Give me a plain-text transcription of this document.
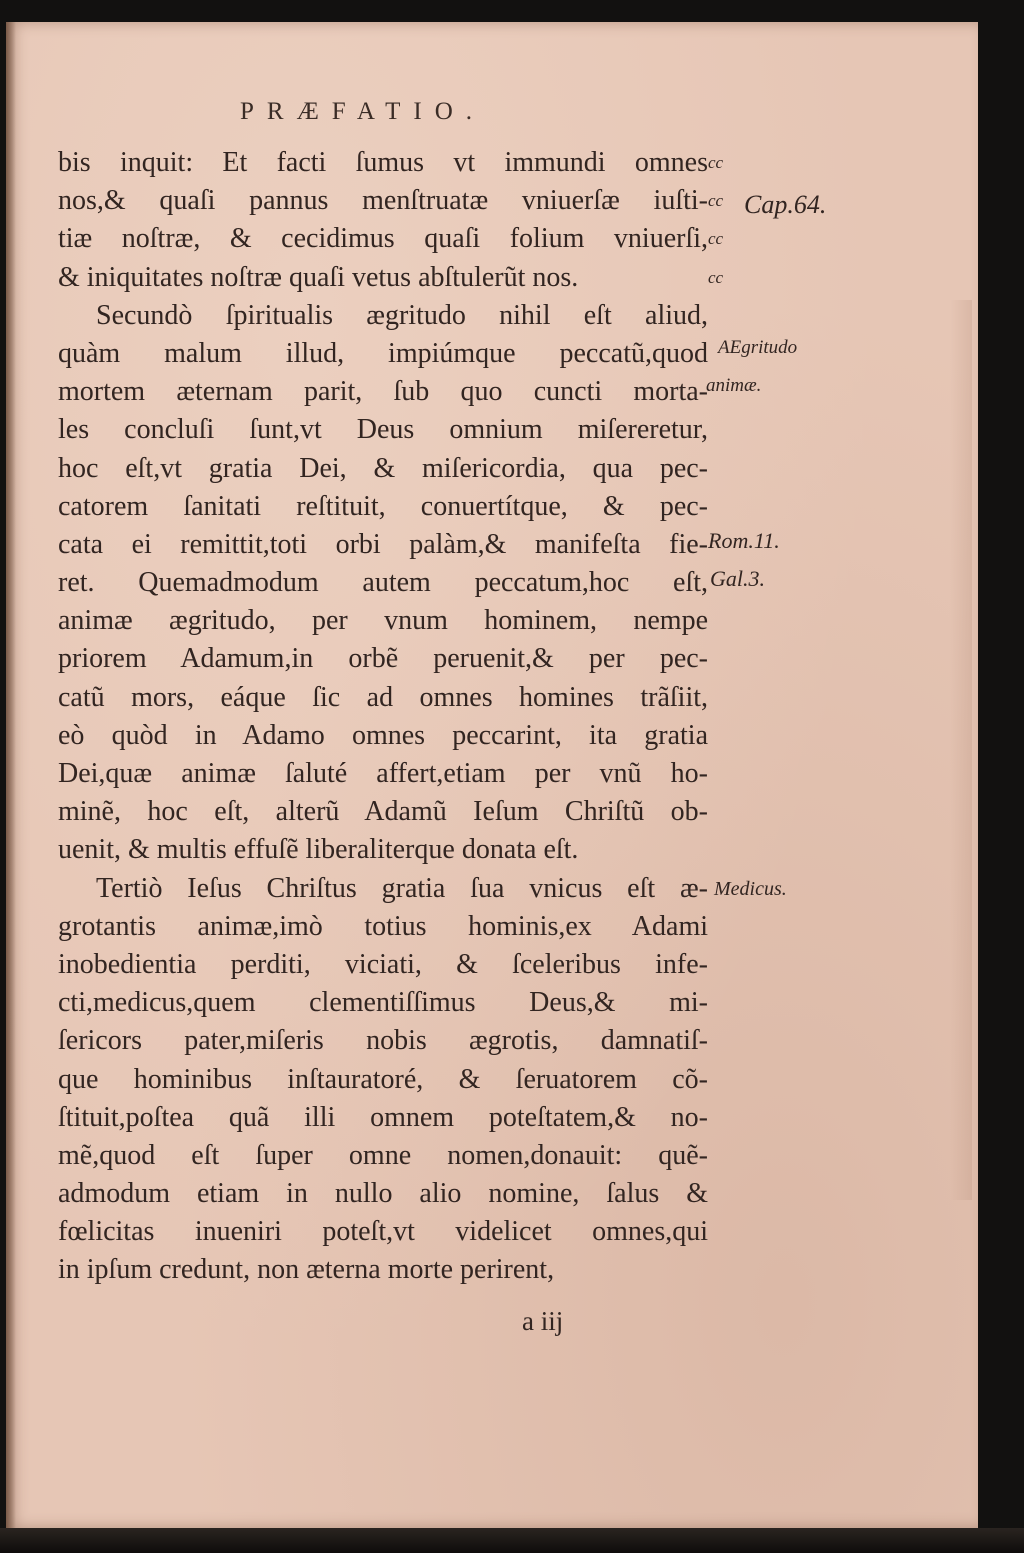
PRÆFATIO.
bis inquit: Et facti ſumus vt immundi omnes
nos,& quaſi pannus menſtruatæ vniuerſæ iuſti-
tiæ noſtræ, & cecidimus quaſi folium vniuerſi,
& iniquitates noſtræ quaſi vetus abſtulerũt nos.
Secundò ſpiritualis ægritudo nihil eſt aliud,
quàm malum illud, impiúmque peccatũ,quod
mortem æternam parit, ſub quo cuncti morta-
les concluſi ſunt,vt Deus omnium miſereretur,
hoc eſt,vt gratia Dei, & miſericordia, qua pec-
catorem ſanitati reſtituit, conuertítque, & pec-
cata ei remittit,toti orbi palàm,& manifeſta fie-
ret. Quemadmodum autem peccatum,hoc eſt,
animæ ægritudo, per vnum hominem, nempe
priorem Adamum,in orbẽ peruenit,& per pec-
catũ mors, eáque ſic ad omnes homines trãſiit,
eò quòd in Adamo omnes peccarint, ita gratia
Dei,quæ animæ ſaluté affert,etiam per vnũ ho-
minẽ, hoc eſt, alterũ Adamũ Ieſum Chriſtũ ob-
uenit, & multis effuſẽ liberaliterque donata eſt.
Tertiò Ieſus Chriſtus gratia ſua vnicus eſt æ-
grotantis animæ,imò totius hominis,ex Adami
inobedientia perditi, viciati, & ſceleribus infe-
cti,medicus,quem clementiſſimus Deus,& mi-
ſericors pater,miſeris nobis ægrotis, damnatiſ-
que hominibus inſtauratoré, & ſeruatorem cõ-
ſtituit,poſtea quã illi omnem poteſtatem,& no-
mẽ,quod eſt ſuper omne nomen,donauit: quẽ-
admodum etiam in nullo alio nomine, ſalus &
fœlicitas inueniri poteſt,vt videlicet omnes,qui
in ipſum credunt, non æterna morte perirent,
cc
cc
cc
cc
Cap.64.
AEgritudo
animæ.
Rom.11.
Gal.3.
Medicus.
a iij
